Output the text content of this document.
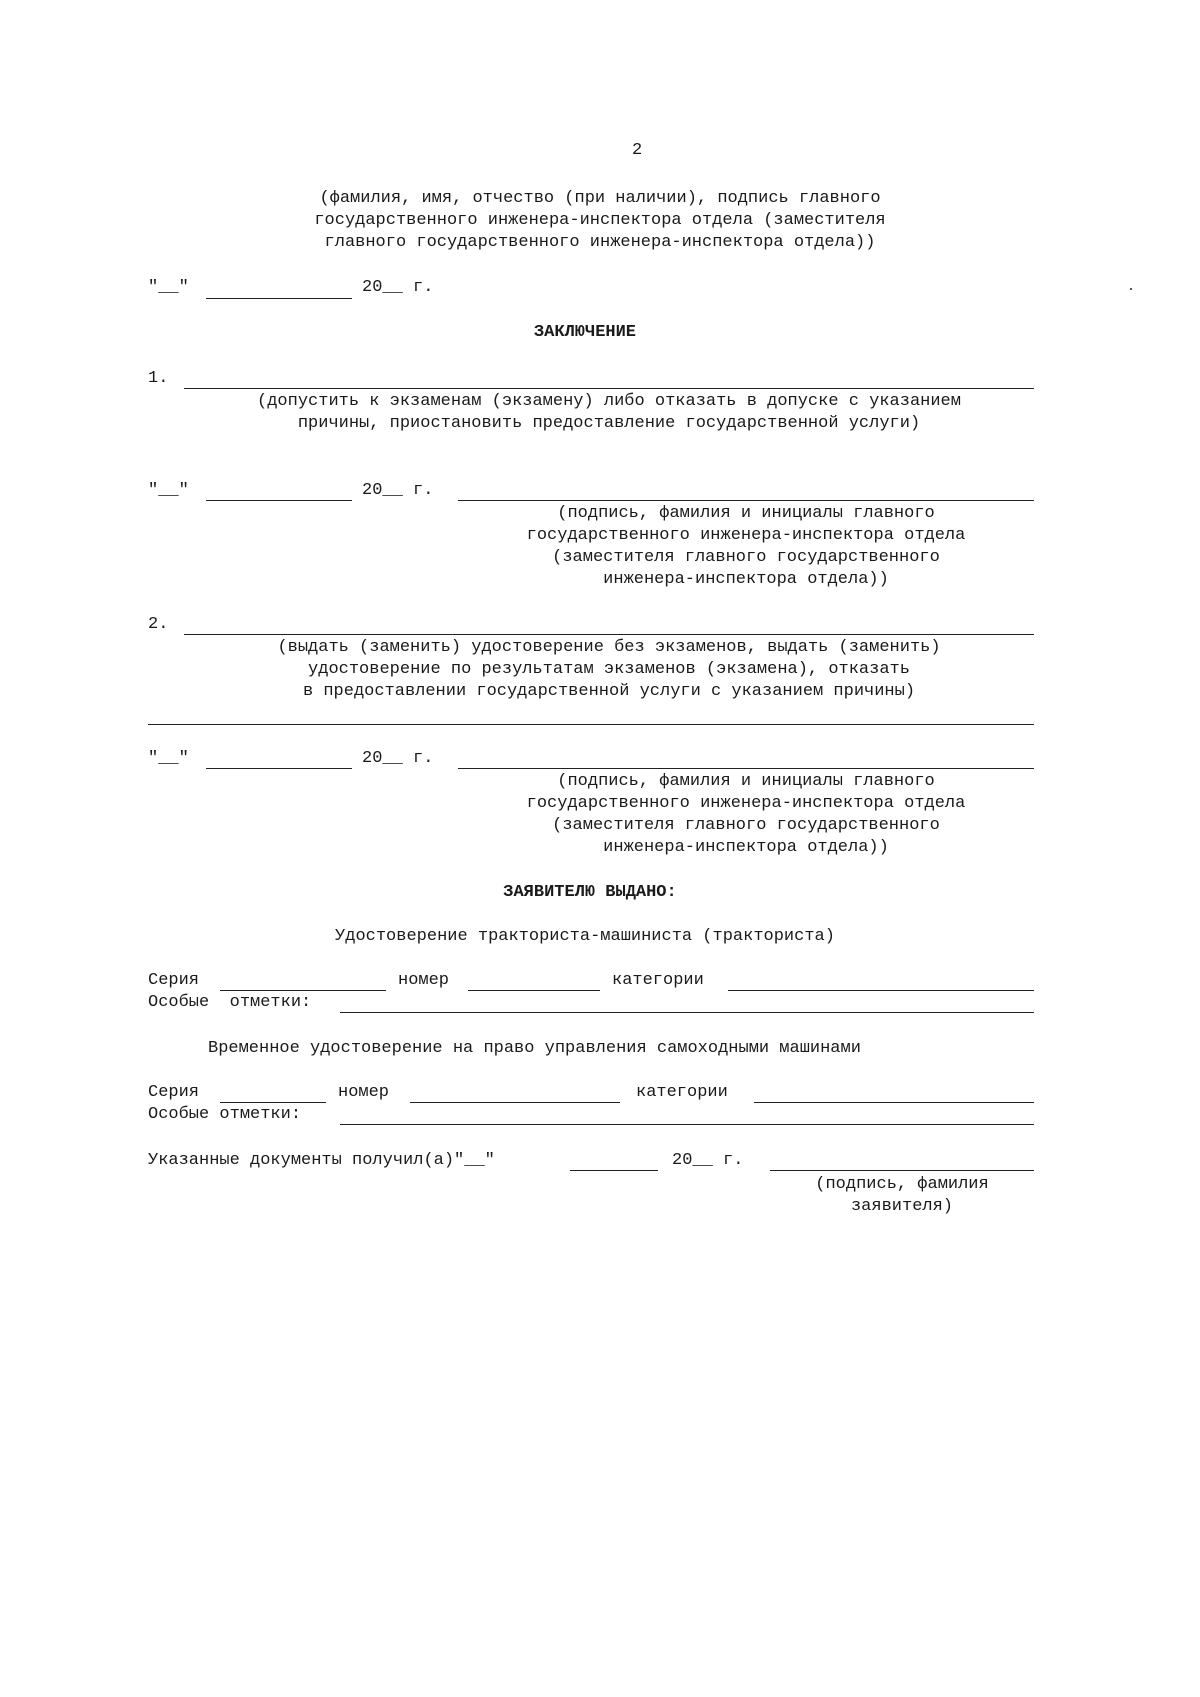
2
(фамилия, имя, отчество (при наличии), подпись главного
государственного инженера-инспектора отдела (заместителя
главного государственного инженера-инспектора отдела))
"__"	20__ г.
ЗАКЛЮЧЕНИЕ
1.
(допустить к экзаменам (экзамену) либо отказать в допуске с указанием
причины, приостановить предоставление государственной услуги)
"__"	20__ г.
(подпись, фамилия и инициалы главного
государственного инженера-инспектора отдела
(заместителя главного государственного
инженера-инспектора отдела))
2.
(выдать (заменить) удостоверение без экзаменов, выдать (заменить)
удостоверение по результатам экзаменов (экзамена), отказать
в предоставлении государственной услуги с указанием причины)
"__"	20__ г.
(подпись, фамилия и инициалы главного
государственного инженера-инспектора отдела
(заместителя главного государственного
инженера-инспектора отдела))
ЗАЯВИТЕЛЮ ВЫДАНО:
Удостоверение тракториста-машиниста (тракториста)
Серия	номер	категории
Особые  отметки:
Временное удостоверение на право управления самоходными машинами
Серия	номер	категории
Особые отметки:
Указанные документы получил(а)"__"	20__ г.
(подпись, фамилия
заявителя)
